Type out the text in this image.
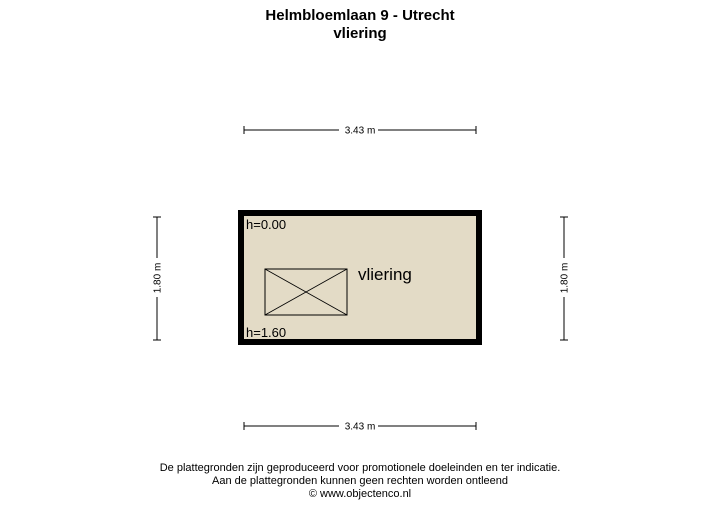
Helmbloemlaan 9 - Utrecht
vliering
3.43 m
3.43 m
1.80 m	1.80 m
h=0.00
h=1.60
vliering
De plattegronden zijn geproduceerd voor promotionele doeleinden en ter indicatie.
Aan de plattegronden kunnen geen rechten worden ontleend
© www.objectenco.nl
